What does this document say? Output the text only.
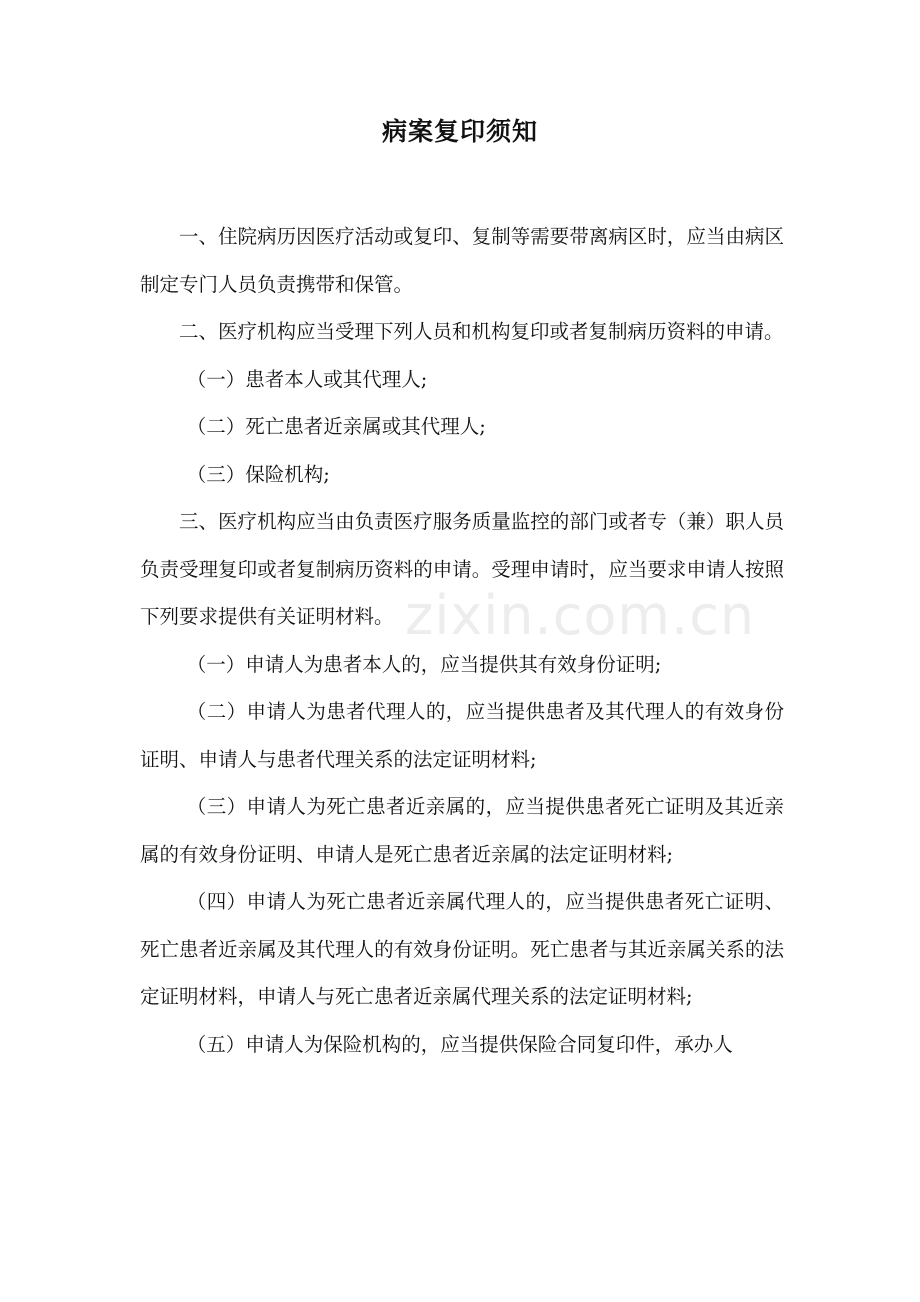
病案复印须知

一、住院病历因医疗活动或复印、复制等需要带离病区时，应当由病区制定专门人员负责携带和保管。

二、医疗机构应当受理下列人员和机构复印或者复制病历资料的申请。

（一）患者本人或其代理人;

（二）死亡患者近亲属或其代理人;

（三）保险机构;

三、医疗机构应当由负责医疗服务质量监控的部门或者专（兼）职人员负责受理复印或者复制病历资料的申请。受理申请时，应当要求申请人按照下列要求提供有关证明材料。

（一）申请人为患者本人的，应当提供其有效身份证明;

（二）申请人为患者代理人的，应当提供患者及其代理人的有效身份证明、申请人与患者代理关系的法定证明材料;

（三）申请人为死亡患者近亲属的，应当提供患者死亡证明及其近亲属的有效身份证明、申请人是死亡患者近亲属的法定证明材料;

（四）申请人为死亡患者近亲属代理人的，应当提供患者死亡证明、死亡患者近亲属及其代理人的有效身份证明。死亡患者与其近亲属关系的法定证明材料，申请人与死亡患者近亲属代理关系的法定证明材料;

（五）申请人为保险机构的，应当提供保险合同复印件，承办人

zixin.com.cn
